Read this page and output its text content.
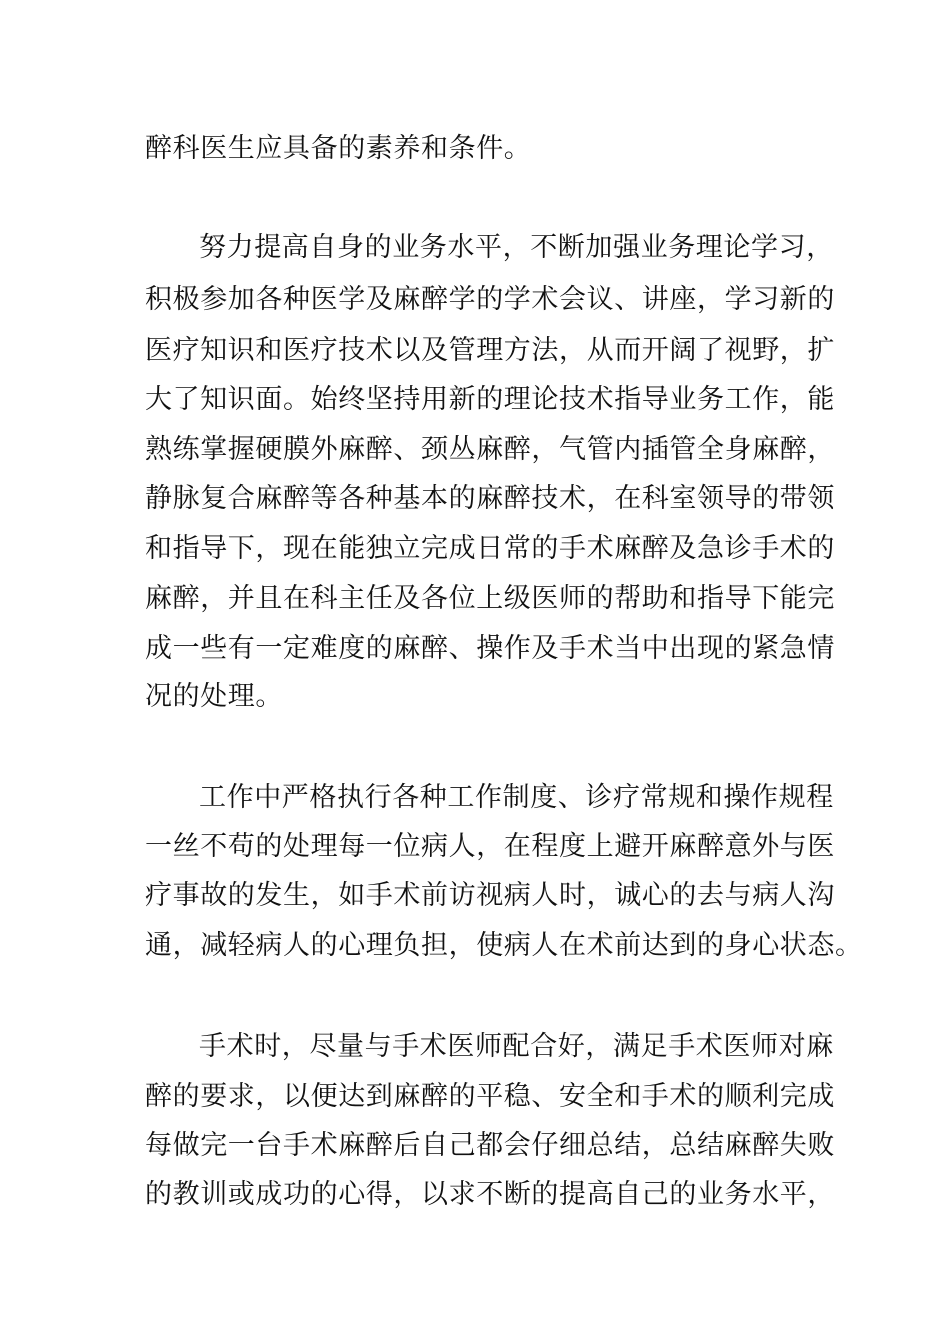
醉科医生应具备的素养和条件。
努力提高自身的业务水平，不断加强业务理论学习，
积极参加各种医学及麻醉学的学术会议、讲座，学习新的
医疗知识和医疗技术以及管理方法，从而开阔了视野，扩
大了知识面。始终坚持用新的理论技术指导业务工作，能
熟练掌握硬膜外麻醉、颈丛麻醉，气管内插管全身麻醉，
静脉复合麻醉等各种基本的麻醉技术，在科室领导的带领
和指导下，现在能独立完成日常的手术麻醉及急诊手术的
麻醉，并且在科主任及各位上级医师的帮助和指导下能完
成一些有一定难度的麻醉、操作及手术当中出现的紧急情
况的处理。
工作中严格执行各种工作制度、诊疗常规和操作规程
一丝不苟的处理每一位病人，在程度上避开麻醉意外与医
疗事故的发生，如手术前访视病人时，诚心的去与病人沟
通，减轻病人的心理负担，使病人在术前达到的身心状态。
手术时，尽量与手术医师配合好，满足手术医师对麻
醉的要求，以便达到麻醉的平稳、安全和手术的顺利完成
每做完一台手术麻醉后自己都会仔细总结，总结麻醉失败
的教训或成功的心得，以求不断的提高自己的业务水平，
